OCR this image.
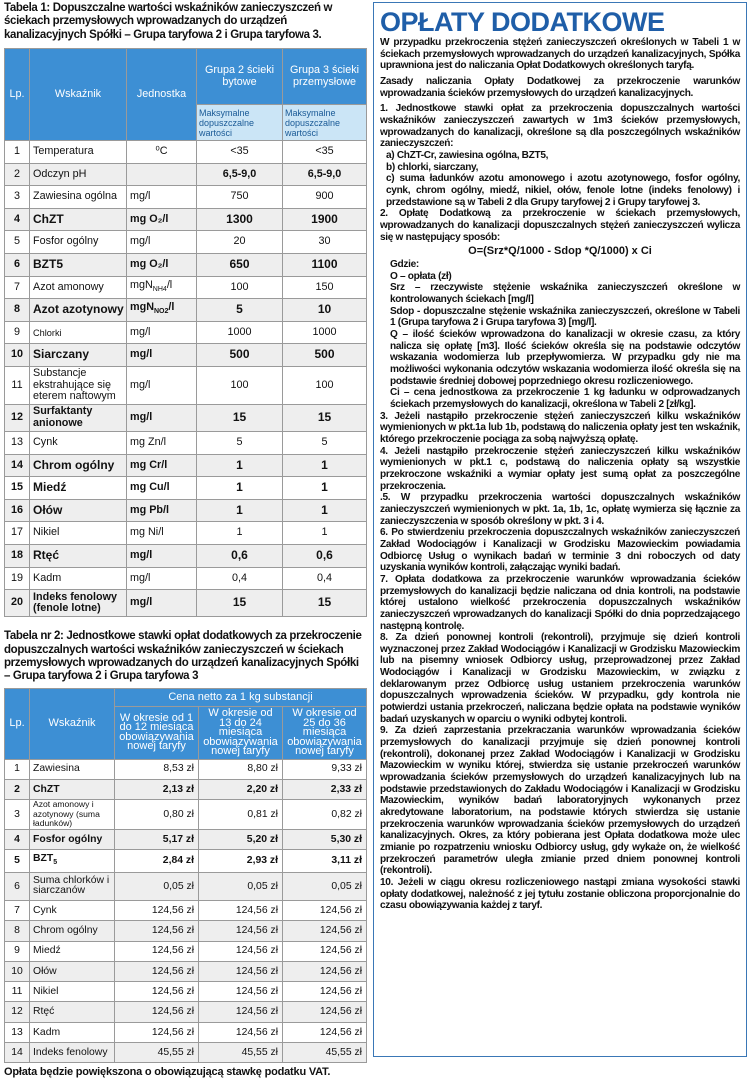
Tabela 1: Dopuszczalne wartości wskaźników zanieczyszczeń w ściekach przemysłowych wprowadzanych do urządzeń kanalizacyjnych Spółki – Grupa taryfowa 2 i Grupa taryfowa 3.
Lp.	Wskaźnik	Jednostka	Grupa 2 ścieki bytowe	Grupa 3 ścieki przemysłowe
			Maksymalne dopuszczalne wartości	Maksymalne dopuszczalne wartości
1	Temperatura	⁰C	<35	<35
2	Odczyn pH		6,5-9,0	6,5-9,0
3	Zawiesina ogólna	mg/l	750	900
4	ChZT	mg O₂/l	1300	1900
5	Fosfor ogólny	mg/l	20	30
6	BZT5	mg O₂/l	650	1100
7	Azot amonowy	mgN$_{NH4}$/l	100	150
8	Azot azotynowy	mgN$_{NO2}$/l	5	10
9	Chlorki	mg/l	1000	1000
10	Siarczany	mg/l	500	500
11	Substancje ekstrahujące się eterem naftowym	mg/l	100	100
12	Surfaktanty anionowe	mg/l	15	15
13	Cynk	mg Zn/l	5	5
14	Chrom ogólny	mg Cr/l	1	1
15	Miedź	mg Cu/l	1	1
16	Ołów	mg Pb/l	1	1
17	Nikiel	mg Ni/l	1	1
18	Rtęć	mg/l	0,6	0,6
19	Kadm	mg/l	0,4	0,4
20	Indeks fenolowy (fenole lotne)	mg/l	15	15
Tabela nr 2: Jednostkowe stawki opłat dodatkowych za przekroczenie dopuszczalnych wartości wskaźników zanieczyszczeń w ściekach przemysłowych wprowadzanych do urządzeń kanalizacyjnych Spółki – Grupa taryfowa 2 i Grupa taryfowa 3
Lp.	Wskaźnik	Cena netto za 1 kg substancji		
		W okresie od 1 do 12 miesiąca obowiązywania nowej taryfy	W okresie od 13 do 24 miesiąca obowiązywania nowej taryfy	W okresie od 25 do 36 miesiąca obowiązywania nowej taryfy
1	Zawiesina	8,53 zł	8,80 zł	9,33 zł
2	ChZT	2,13 zł	2,20 zł	2,33 zł
3	Azot amonowy i azotynowy (suma ładunków)	0,80 zł	0,81 zł	0,82 zł
4	Fosfor ogólny	5,17 zł	5,20 zł	5,30 zł
5	$BZT_5$	2,84 zł	2,93 zł	3,11 zł
6	Suma chlorków i siarczanów	0,05 zł	0,05 zł	0,05 zł
7	Cynk	124,56 zł	124,56 zł	124,56 zł
8	Chrom ogólny	124,56 zł	124,56 zł	124,56 zł
9	Miedź	124,56 zł	124,56 zł	124,56 zł
10	Ołów	124,56 zł	124,56 zł	124,56 zł
11	Nikiel	124,56 zł	124,56 zł	124,56 zł
12	Rtęć	124,56 zł	124,56 zł	124,56 zł
13	Kadm	124,56 zł	124,56 zł	124,56 zł
14	Indeks fenolowy	45,55 zł	45,55 zł	45,55 zł
Opłata będzie powiększona o obowiązującą stawkę podatku VAT.
OPŁATY DODATKOWE
W przypadku przekroczenia stężeń zanieczyszczeń określonych w Tabeli 1 w ściekach przemysłowych wprowadzanych do urządzeń kanalizacyjnych, Spółka uprawniona jest do naliczania Opłat Dodatkowych określonych taryfą.
Zasady naliczania Opłaty Dodatkowej za przekroczenie warunków wprowadzania ścieków przemysłowych do urządzeń kanalizacyjnych.
1. Jednostkowe stawki opłat za przekroczenia dopuszczalnych wartości wskaźników zanieczyszczeń zawartych w 1m3 ścieków przemysłowych, wprowadzanych do kanalizacji, określone są dla poszczególnych wskaźników zanieczyszczeń:
a) ChZT-Cr, zawiesina ogólna, BZT5,
b) chlorki, siarczany,
c) suma ładunków azotu amonowego i azotu azotynowego, fosfor ogólny, cynk, chrom ogólny, miedź, nikiel, ołów, fenole lotne (indeks fenolowy) i przedstawione są w Tabeli 2 dla Grupy taryfowej 2 i Grupy taryfowej 3.
2. Opłatę Dodatkową za przekroczenie w ściekach przemysłowych, wprowadzanych do kanalizacji dopuszczalnych stężeń zanieczyszczeń wylicza się w następujący sposób:
O=(Srz*Q/1000 - Sdop *Q/1000) x Ci
Gdzie:
O – opłata (zł)
Srz – rzeczywiste stężenie wskaźnika zanieczyszczeń określone w kontrolowanych ściekach [mg/l]
Sdop - dopuszczalne stężenie wskaźnika zanieczyszczeń, określone w Tabeli 1 (Grupa taryfowa 2 i Grupa taryfowa 3) [mg/l].
Q – ilość ścieków wprowadzona do kanalizacji w okresie czasu, za który nalicza się opłatę [m3]. Ilość ścieków określa się na podstawie odczytów wskazania wodomierza lub przepływomierza. W przypadku gdy nie ma możliwości wykonania odczytów wskazania wodomierza ilość określa się na podstawie średniej dobowej poprzedniego okresu rozliczeniowego.
Ci – cena jednostkowa za przekroczenie 1 kg ładunku w odprowadzanych ściekach przemysłowych do kanalizacji, określona w Tabeli 2 [zł/kg].
3. Jeżeli nastąpiło przekroczenie stężeń zanieczyszczeń kilku wskaźników wymienionych w pkt.1a lub 1b, podstawą do naliczenia opłaty jest ten wskaźnik, którego przekroczenie pociąga za sobą najwyższą opłatę.
4. Jeżeli nastąpiło przekroczenie stężeń zanieczyszczeń kilku wskaźników wymienionych w pkt.1 c, podstawą do naliczenia opłaty są wszystkie przekroczone wskaźniki a wymiar opłaty jest sumą opłat za poszczególne przekroczenia.
.5. W przypadku przekroczenia wartości dopuszczalnych wskaźników zanieczyszczeń wymienionych w pkt. 1a, 1b, 1c, opłatę wymierza się łącznie za zanieczyszczenia w sposób określony w pkt. 3 i 4.
6. Po stwierdzeniu przekroczenia dopuszczalnych wskaźników zanieczyszczeń Zakład Wodociągów i Kanalizacji w Grodzisku Mazowieckim powiadamia Odbiorcę Usług o wynikach badań w terminie 3 dni roboczych od daty uzyskania wyników kontroli, załączając wyniki badań.
7. Opłata dodatkowa za przekroczenie warunków wprowadzania ścieków przemysłowych do kanalizacji będzie naliczana od dnia kontroli, na podstawie której ustalono wielkość przekroczenia dopuszczalnych wskaźników zanieczyszczeń wprowadzanych do kanalizacji Spółki do dnia poprzedzającego następną kontrolę.
8. Za dzień ponownej kontroli (rekontroli), przyjmuje się dzień kontroli wyznaczonej przez Zakład Wodociągów i Kanalizacji w Grodzisku Mazowieckim lub na pisemny wniosek Odbiorcy usług, przeprowadzonej przez Zakład Wodociągów i Kanalizacji w Grodzisku Mazowieckim, w związku z deklarowanym przez Odbiorcę usług ustaniem przekroczenia warunków dopuszczalnych wprowadzenia ścieków. W przypadku, gdy kontrola nie potwierdzi ustania przekroczeń, naliczana będzie opłata na podstawie wyników badań uzyskanych w oparciu o wyniki odbytej kontroli.
9. Za dzień zaprzestania przekraczania warunków wprowadzania ścieków przemysłowych do kanalizacji przyjmuje się dzień ponownej kontroli (rekontroli), dokonanej przez Zakład Wodociągów i Kanalizacji w Grodzisku Mazowieckim w wyniku której, stwierdza się ustanie przekroczeń warunków wprowadzania ścieków przemysłowych do urządzeń kanalizacyjnych lub na podstawie przedstawionych do Zakładu Wodociągów i Kanalizacji w Grodzisku Mazowieckim, wyników badań laboratoryjnych wykonanych przez akredytowane laboratorium, na podstawie których stwierdza się ustanie przekroczenia warunków wprowadzania ścieków przemysłowych do urządzeń kanalizacyjnych. Okres, za który pobierana jest Opłata dodatkowa może ulec zmianie po rozpatrzeniu wniosku Odbiorcy usług, gdy wykaże on, że wielkość przekroczeń parametrów uległa zmianie przed dniem ponownej kontroli (rekontroli).
10. Jeżeli w ciągu okresu rozliczeniowego nastąpi zmiana wysokości stawki opłaty dodatkowej, należność z jej tytułu zostanie obliczona proporcjonalnie do czasu obowiązywania każdej z taryf.
